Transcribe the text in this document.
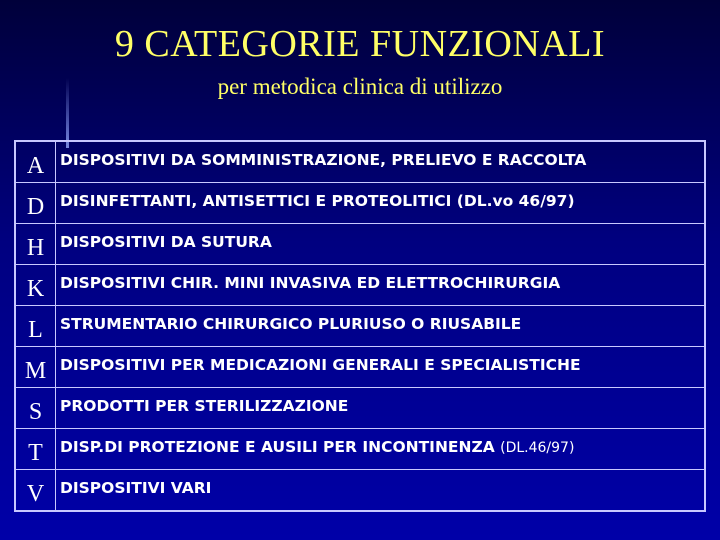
9 CATEGORIE FUNZIONALI
per metodica clinica di utilizzo
A	DISPOSITIVI DA SOMMINISTRAZIONE, PRELIEVO E RACCOLTA
D	DISINFETTANTI, ANTISETTICI E PROTEOLITICI (DL.vo 46/97)
H	DISPOSITIVI DA SUTURA
K	DISPOSITIVI CHIR. MINI INVASIVA ED ELETTROCHIRURGIA
L	STRUMENTARIO CHIRURGICO PLURIUSO O RIUSABILE
M DISPOSITIVI PER MEDICAZIONI GENERALI E SPECIALISTICHE
S	PRODOTTI PER STERILIZZAZIONE
T	DISP.DI PROTEZIONE E AUSILI PER INCONTINENZA (DL.46/97)
V	DISPOSITIVI VARI
